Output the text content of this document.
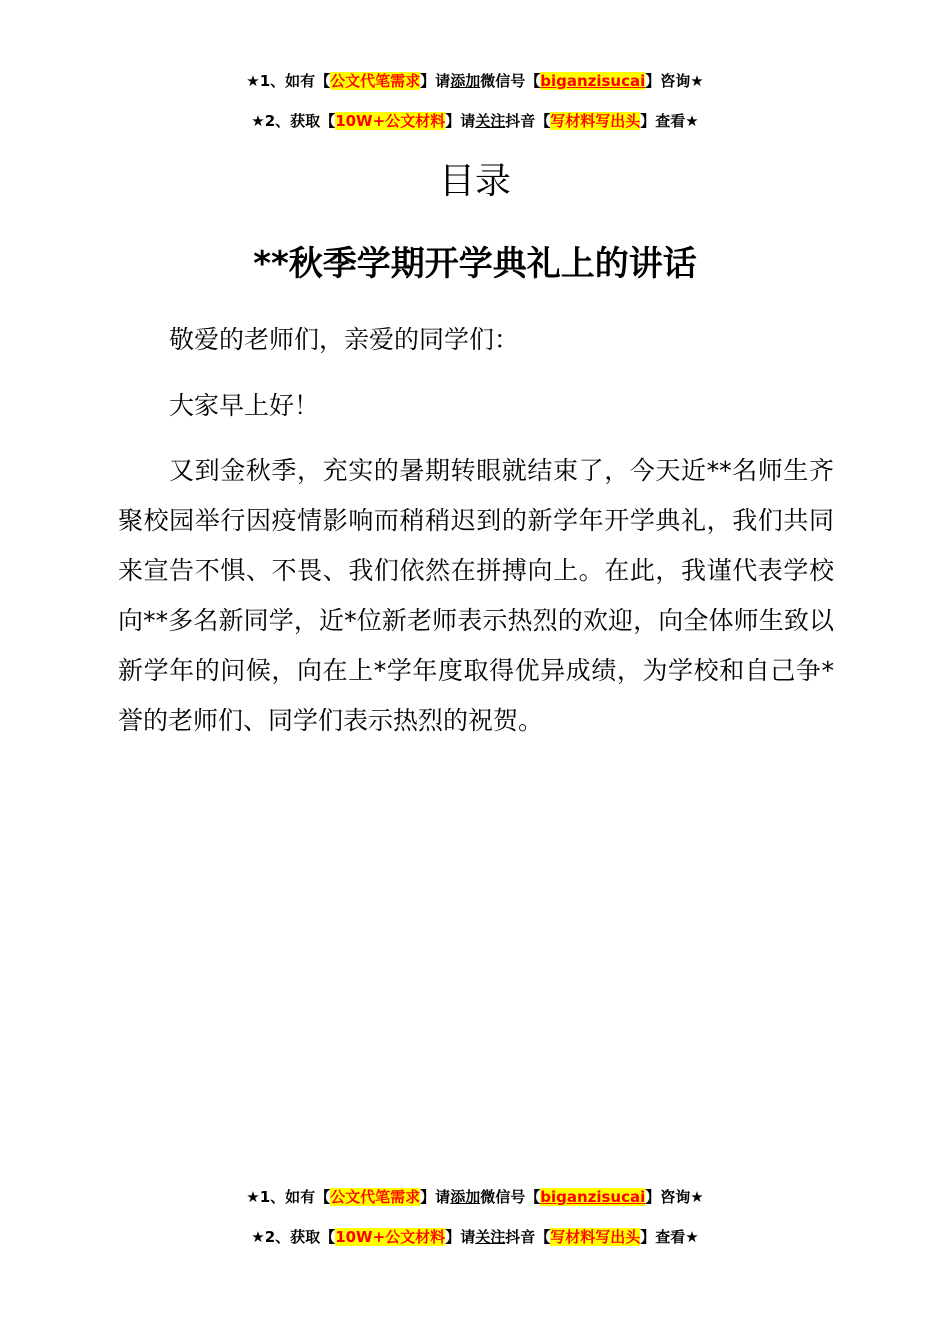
★1、如有【公文代笔需求】请添加微信号【biganzisucai】咨询★
★2、获取【10W+公文材料】请关注抖音【写材料写出头】查看★
目录
**秋季学期开学典礼上的讲话

敬爱的老师们，亲爱的同学们：

大家早上好！

又到金秋季，充实的暑期转眼就结束了，今天近**名师生齐聚校园举行因疫情影响而稍稍迟到的新学年开学典礼，我们共同来宣告不惧、不畏、我们依然在拼搏向上。在此，我谨代表学校向**多名新同学，近*位新老师表示热烈的欢迎，向全体师生致以新学年的问候，向在上*学年度取得优异成绩，为学校和自己争*誉的老师们、同学们表示热烈的祝贺。

★1、如有【公文代笔需求】请添加微信号【biganzisucai】咨询★
★2、获取【10W+公文材料】请关注抖音【写材料写出头】查看★
